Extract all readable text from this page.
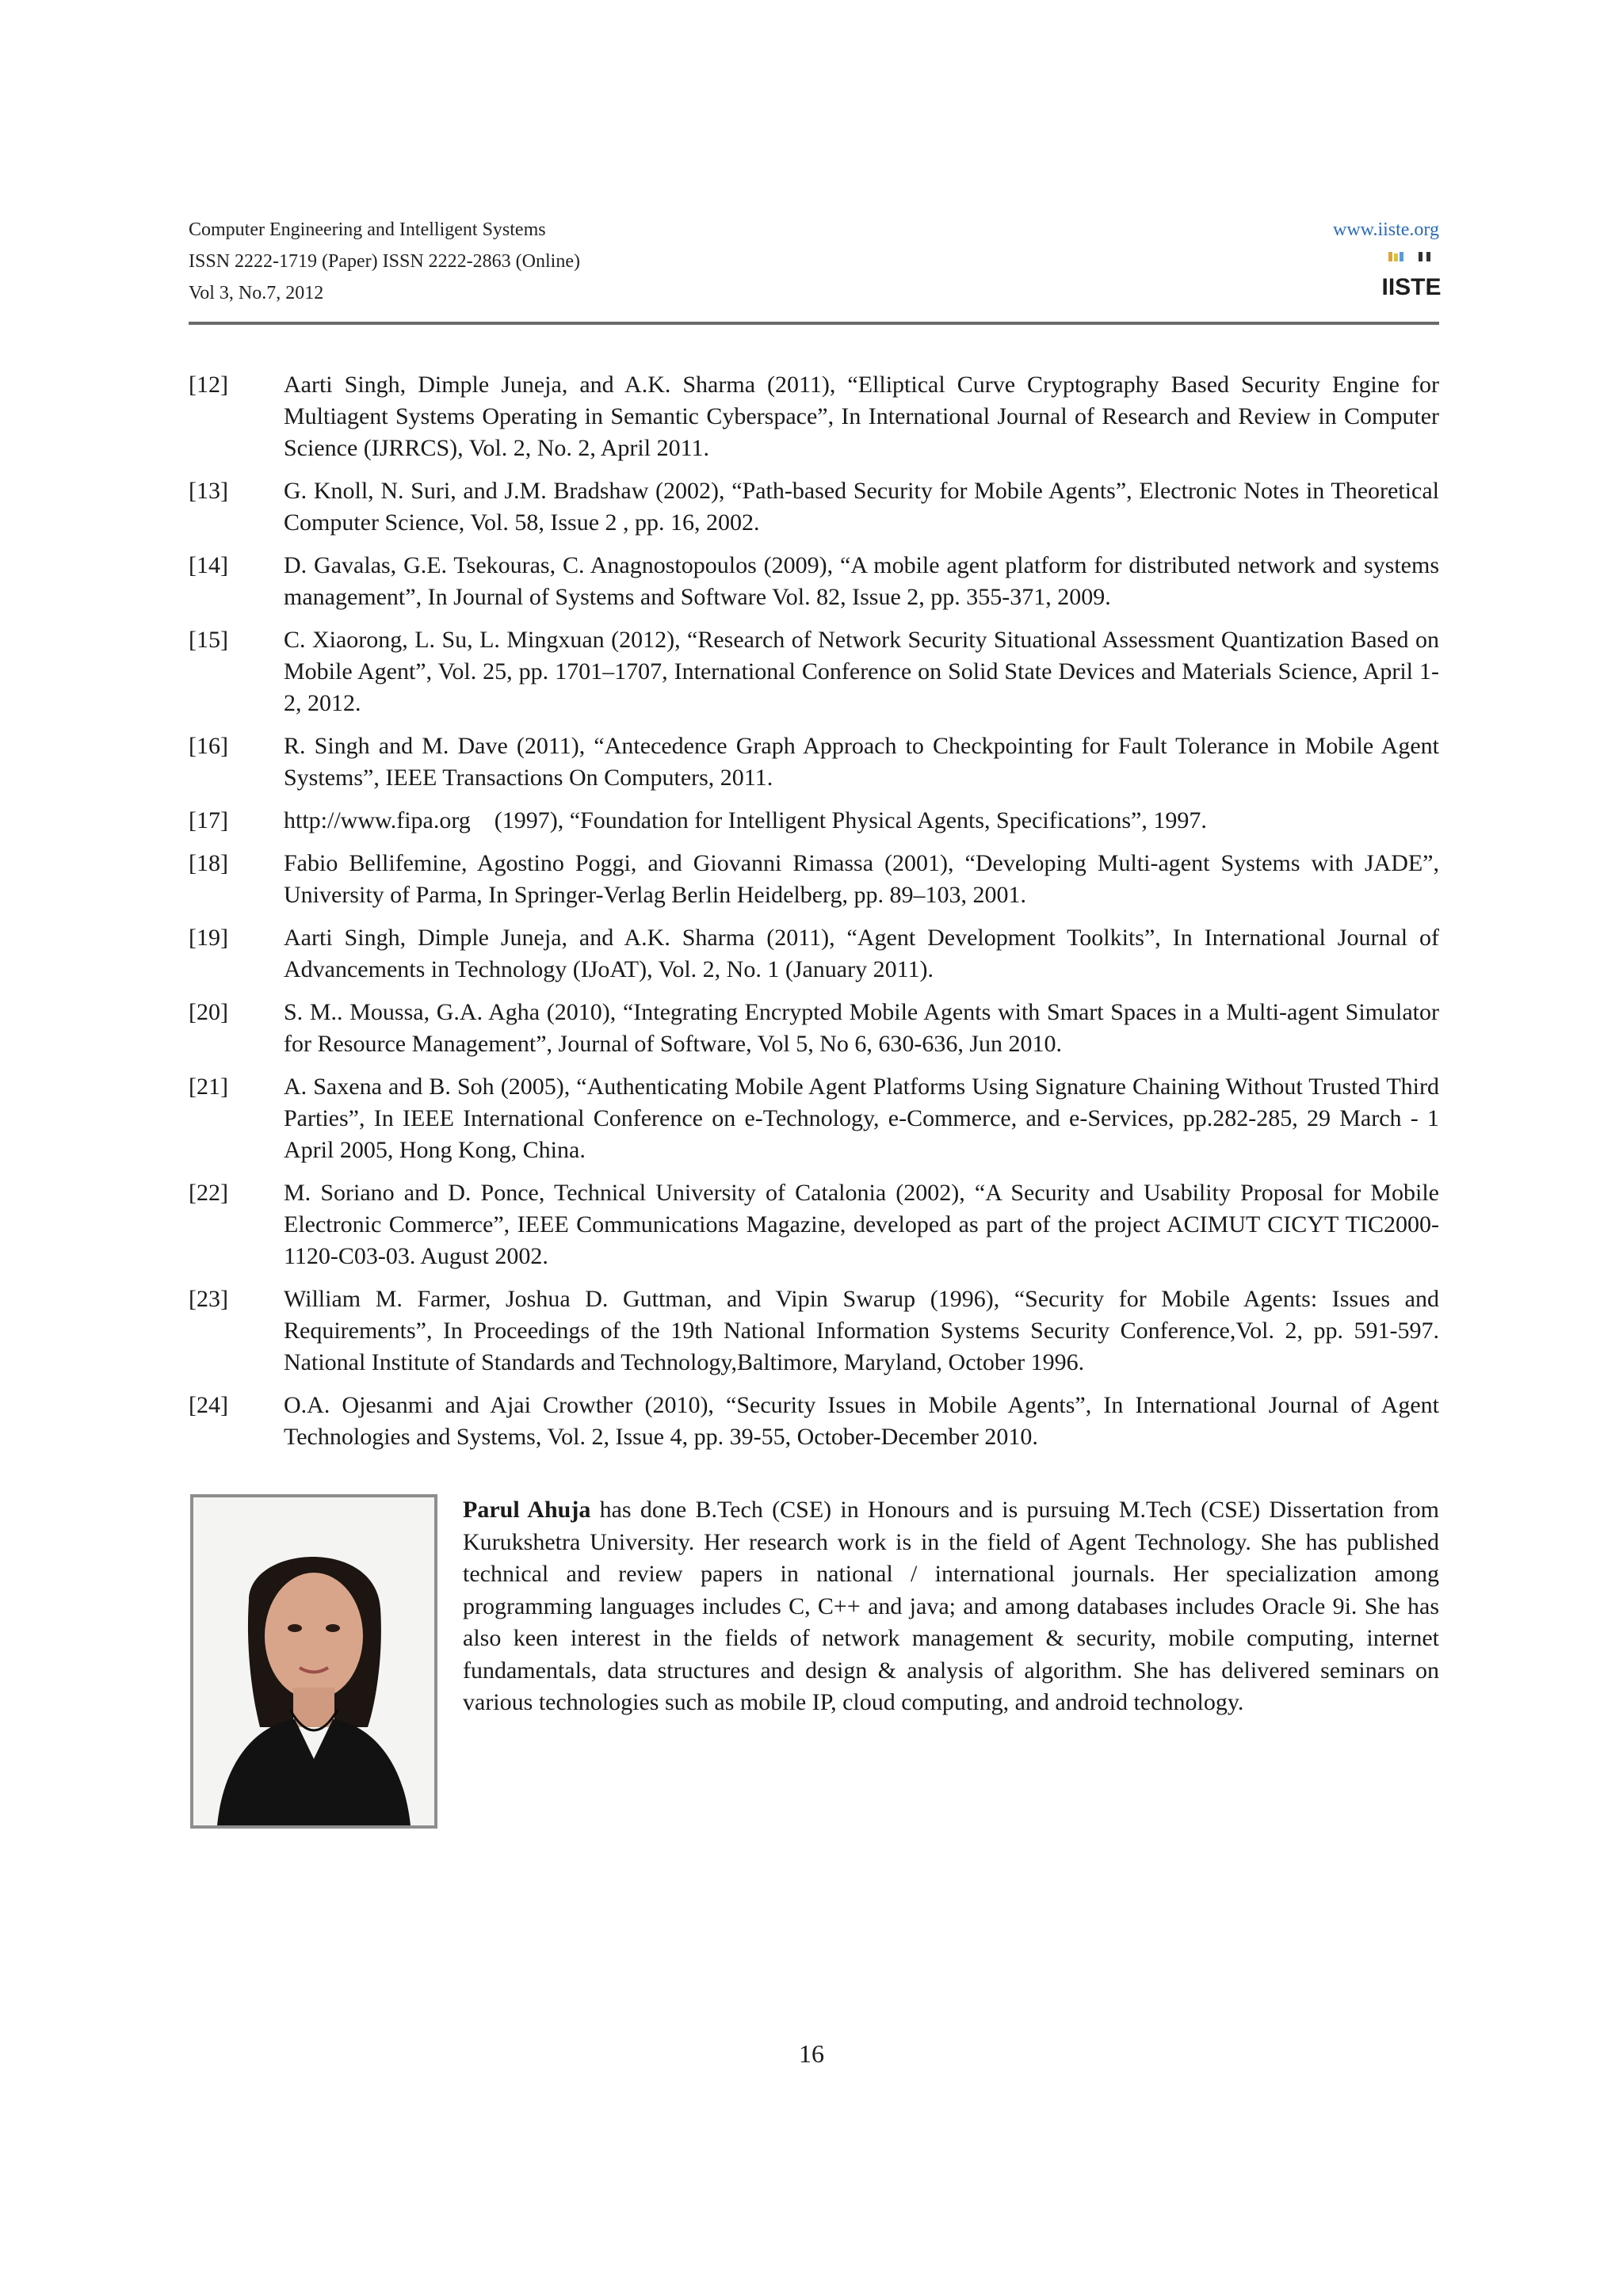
Computer Engineering and Intelligent Systems
ISSN 2222-1719 (Paper) ISSN 2222-2863 (Online)
Vol 3, No.7, 2012
www.iiste.org
IISTE
[12]	Aarti Singh, Dimple Juneja, and A.K. Sharma (2011), “Elliptical Curve Cryptography Based Security Engine for Multiagent Systems Operating in Semantic Cyberspace”, In International Journal of Research and Review in Computer Science (IJRRCS), Vol. 2, No. 2, April 2011.
[13]	G. Knoll, N. Suri, and J.M. Bradshaw (2002), “Path-based Security for Mobile Agents”, Electronic Notes in Theoretical Computer Science, Vol. 58, Issue 2 , pp. 16, 2002.
[14]	D. Gavalas, G.E. Tsekouras, C. Anagnostopoulos (2009), “A mobile agent platform for distributed network and systems management”, In Journal of Systems and Software Vol. 82, Issue 2, pp. 355-371, 2009.
[15]	C. Xiaorong, L. Su, L. Mingxuan (2012), “Research of Network Security Situational Assessment Quantization Based on Mobile Agent”, Vol. 25, pp. 1701–1707, International Conference on Solid State Devices and Materials Science, April 1-2, 2012.
[16]	R. Singh and M. Dave (2011), “Antecedence Graph Approach to Checkpointing for Fault Tolerance in Mobile Agent Systems”, IEEE Transactions On Computers, 2011.
[17]	http://www.fipa.org    (1997), “Foundation for Intelligent Physical Agents, Specifications”, 1997.
[18]	Fabio Bellifemine, Agostino Poggi, and Giovanni Rimassa (2001), “Developing Multi-agent Systems with JADE”, University of Parma, In Springer-Verlag Berlin Heidelberg, pp. 89–103, 2001.
[19]	Aarti Singh, Dimple Juneja, and A.K. Sharma (2011), “Agent Development Toolkits”, In International Journal of Advancements in Technology (IJoAT), Vol. 2, No. 1 (January 2011).
[20]	S. M.. Moussa, G.A. Agha (2010), “Integrating Encrypted Mobile Agents with Smart Spaces in a Multi-agent Simulator for Resource Management”, Journal of Software, Vol 5, No 6, 630-636, Jun 2010.
[21]	A. Saxena and B. Soh (2005), “Authenticating Mobile Agent Platforms Using Signature Chaining Without Trusted Third Parties”, In IEEE International Conference on e-Technology, e-Commerce, and e-Services, pp.282-285, 29 March - 1 April 2005, Hong Kong, China.
[22]	M. Soriano and D. Ponce, Technical University of Catalonia (2002), “A Security and Usability Proposal for Mobile Electronic Commerce”, IEEE Communications Magazine, developed as part of the project ACIMUT CICYT TIC2000-1120-C03-03. August 2002.
[23]	William M. Farmer, Joshua D. Guttman, and Vipin Swarup (1996), “Security for Mobile Agents: Issues and Requirements”, In Proceedings of the 19th National Information Systems Security Conference,Vol. 2, pp. 591-597. National Institute of Standards and Technology,Baltimore, Maryland, October 1996.
[24]	O.A. Ojesanmi and Ajai Crowther (2010), “Security Issues in Mobile Agents”, In International Journal of Agent Technologies and Systems, Vol. 2, Issue 4, pp. 39-55, October-December 2010.
Parul Ahuja has done B.Tech (CSE) in Honours and is pursuing M.Tech (CSE) Dissertation from Kurukshetra University. Her research work is in the field of Agent Technology. She has published technical and review papers in national / international journals. Her specialization among programming languages includes C, C++ and java; and among databases includes Oracle 9i. She has also keen interest in the fields of network management & security, mobile computing, internet fundamentals, data structures and design & analysis of algorithm. She has delivered seminars on various technologies such as mobile IP, cloud computing, and android technology.
16
